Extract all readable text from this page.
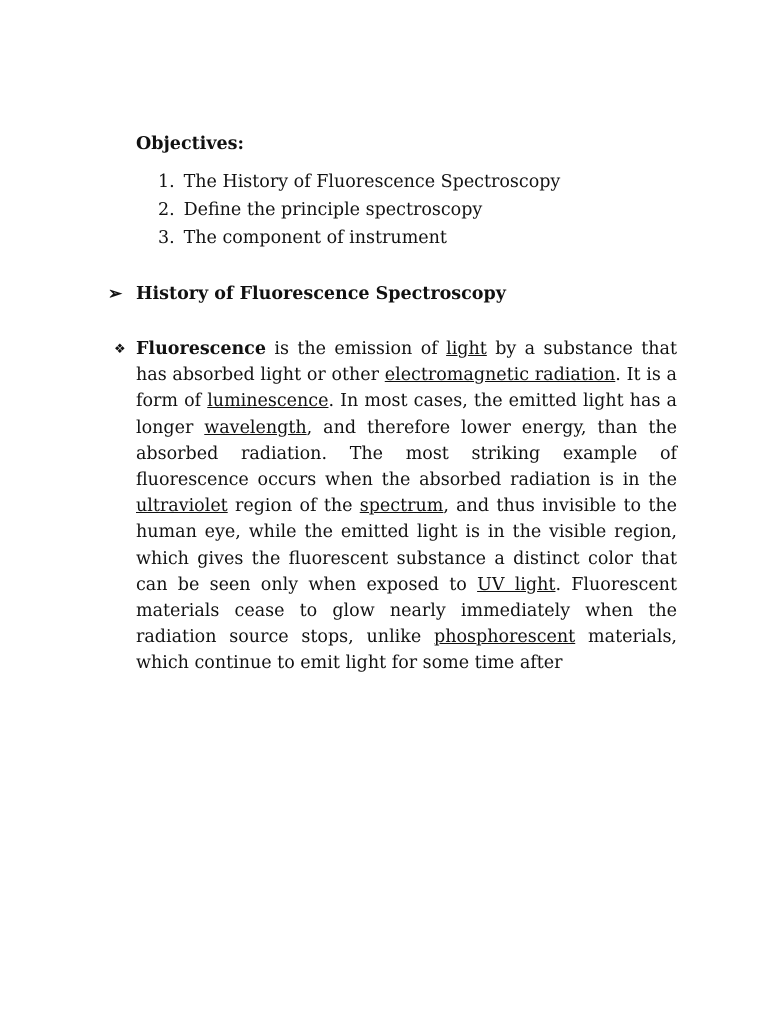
Objectives:
1. The History of Fluorescence Spectroscopy
2. Define the principle spectroscopy
3. The component of instrument
➢ History of Fluorescence Spectroscopy
❖ Fluorescence is the emission of light by a substance that has absorbed light or other electromagnetic radiation. It is a form of luminescence. In most cases, the emitted light has a longer wavelength, and therefore lower energy, than the absorbed radiation. The most striking example of fluorescence occurs when the absorbed radiation is in the ultraviolet region of the spectrum, and thus invisible to the human eye, while the emitted light is in the visible region, which gives the fluorescent substance a distinct color that can be seen only when exposed to UV light. Fluorescent materials cease to glow nearly immediately when the radiation source stops, unlike phosphorescent materials, which continue to emit light for some time after
